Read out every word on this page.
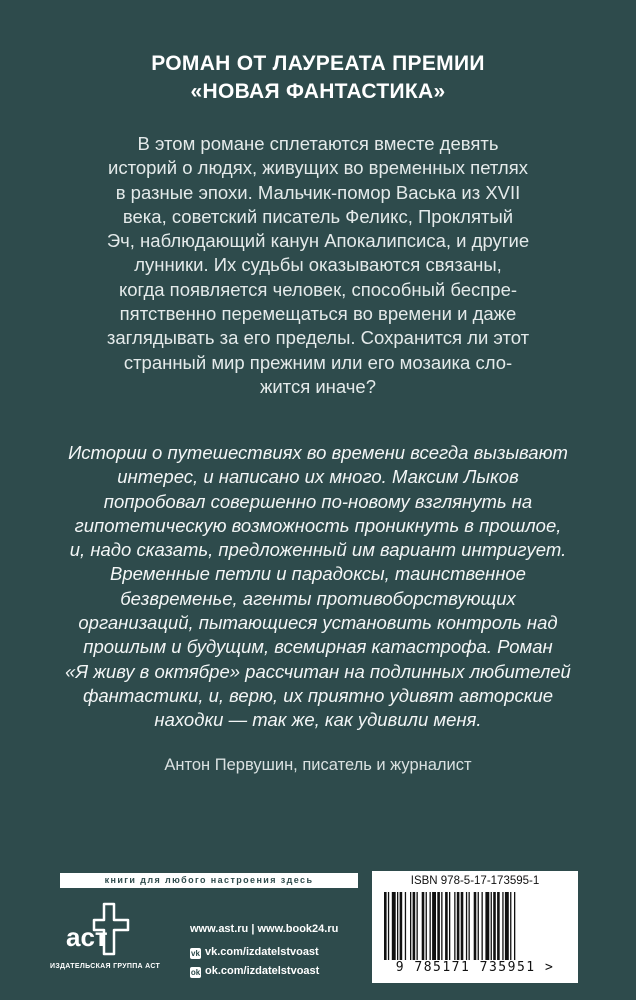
РОМАН ОТ ЛАУРЕАТА ПРЕМИИ
«НОВАЯ ФАНТАСТИКА»
В этом романе сплетаются вместе девять
историй о людях, живущих во временных петлях
в разные эпохи. Мальчик-помор Васька из XVII
века, советский писатель Феликс, Проклятый
Эч, наблюдающий канун Апокалипсиса, и другие
лунники. Их судьбы оказываются связаны,
когда появляется человек, способный беспре-
пятственно перемещаться во времени и даже
заглядывать за его пределы. Сохранится ли этот
странный мир прежним или его мозаика сло-
жится иначе?
Истории о путешествиях во времени всегда вызывают
интерес, и написано их много. Максим Лыков
попробовал совершенно по-новому взглянуть на
гипотетическую возможность проникнуть в прошлое,
и, надо сказать, предложенный им вариант интригует.
Временные петли и парадоксы, таинственное
безвременье, агенты противоборствующих
организаций, пытающиеся установить контроль над
прошлым и будущим, всемирная катастрофа. Роман
«Я живу в октябре» рассчитан на подлинных любителей
фантастики, и, верю, их приятно удивят авторские
находки — так же, как удивили меня.
Антон Первушин, писатель и журналист
книги для любого настроения здесь
аст
ИЗДАТЕЛЬСКАЯ ГРУППА АСТ
www.ast.ru | www.book24.ru
vk vk.com/izdatelstvoast
ok ok.com/izdatelstvoast
ISBN 978-5-17-173595-1
9 785171 735951 >
